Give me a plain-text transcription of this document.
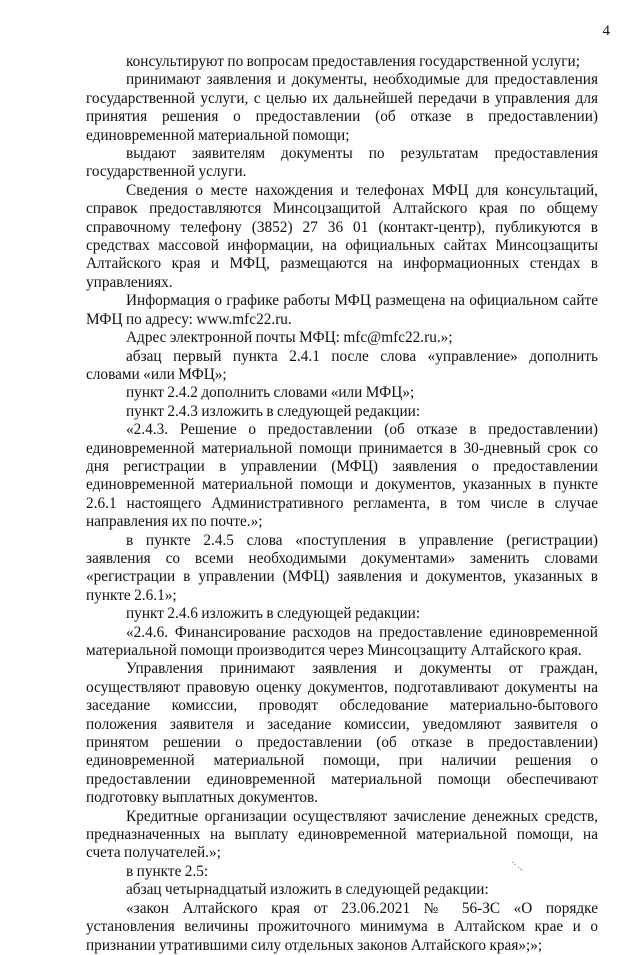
4

консультируют по вопросам предоставления государственной услуги;

принимают заявления и документы, необходимые для предоставления государственной услуги, с целью их дальнейшей передачи в управления для принятия решения о предоставлении (об отказе в предоставлении) единовременной материальной помощи;

выдают заявителям документы по результатам предоставления государственной услуги.

Сведения о месте нахождения и телефонах МФЦ для консультаций, справок предоставляются Минсоцзащитой Алтайского края по общему справочному телефону (3852) 27 36 01 (контакт-центр), публикуются в средствах массовой информации, на официальных сайтах Минсоцзащиты Алтайского края и МФЦ, размещаются на информационных стендах в управлениях.

Информация о графике работы МФЦ размещена на официальном сайте МФЦ по адресу: www.mfc22.ru.

Адрес электронной почты МФЦ: mfc@mfc22.ru.»;

абзац первый пункта 2.4.1 после слова «управление» дополнить словами «или МФЦ»;

пункт 2.4.2 дополнить словами «или МФЦ»;

пункт 2.4.3 изложить в следующей редакции:

«2.4.3. Решение о предоставлении (об отказе в предоставлении) единовременной материальной помощи принимается в 30-дневный срок со дня регистрации в управлении (МФЦ) заявления о предоставлении единовременной материальной помощи и документов, указанных в пункте 2.6.1 настоящего Административного регламента, в том числе в случае направления их по почте.»;

в пункте 2.4.5 слова «поступления в управление (регистрации) заявления со всеми необходимыми документами» заменить словами «регистрации в управлении (МФЦ) заявления и документов, указанных в пункте 2.6.1»;

пункт 2.4.6 изложить в следующей редакции:

«2.4.6. Финансирование расходов на предоставление единовременной материальной помощи производится через Минсоцзащиту Алтайского края.

Управления принимают заявления и документы от граждан, осуществляют правовую оценку документов, подготавливают документы на заседание комиссии, проводят обследование материально-бытового положения заявителя и заседание комиссии, уведомляют заявителя о принятом решении о предоставлении (об отказе в предоставлении) единовременной материальной помощи, при наличии решения о предоставлении единовременной материальной помощи обеспечивают подготовку выплатных документов.

Кредитные организации осуществляют зачисление денежных средств, предназначенных на выплату единовременной материальной помощи, на счета получателей.»;

в пункте 2.5:

абзац четырнадцатый изложить в следующей редакции:

«закон Алтайского края от 23.06.2021 № 56-ЗС «О порядке установления величины прожиточного минимума в Алтайском крае и о признании утратившими силу отдельных законов Алтайского края»;»;
